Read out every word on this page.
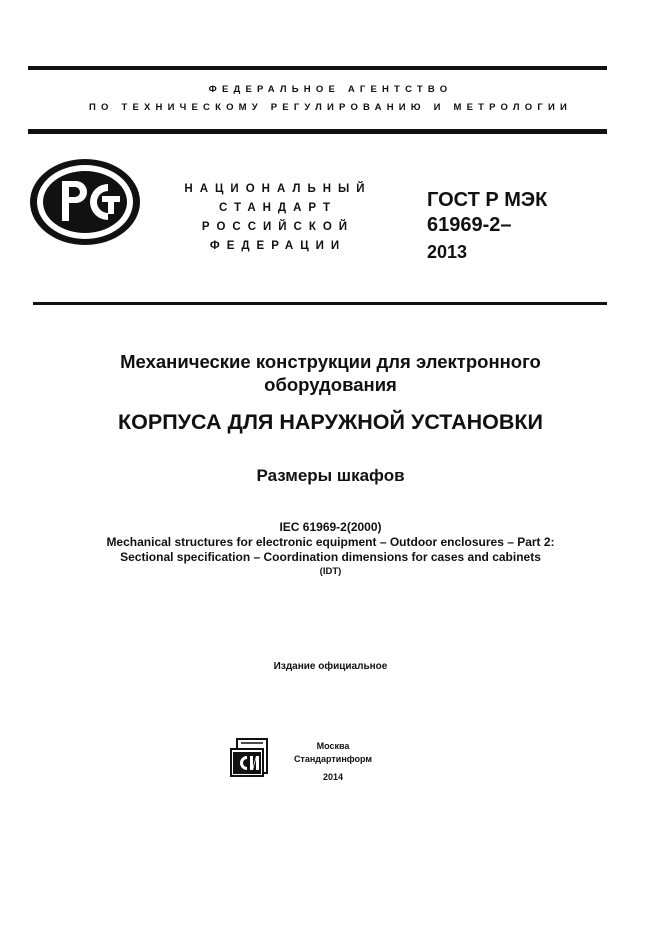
ФЕДЕРАЛЬНОЕ АГЕНТСТВО
ПО ТЕХНИЧЕСКОМУ РЕГУЛИРОВАНИЮ И МЕТРОЛОГИИ
НАЦИОНАЛЬНЫЙ
СТАНДАРТ
РОССИЙСКОЙ
ФЕДЕРАЦИИ
ГОСТ Р МЭК
61969-2–
2013
Механические конструкции для электронного
оборудования
КОРПУСА ДЛЯ НАРУЖНОЙ УСТАНОВКИ
Размеры шкафов
IEC 61969-2(2000)
Mechanical structures for electronic equipment – Outdoor enclosures – Part 2:
Sectional specification – Coordination dimensions for cases and cabinets
(IDT)
Издание официальное
Москва
Стандартинформ
2014
